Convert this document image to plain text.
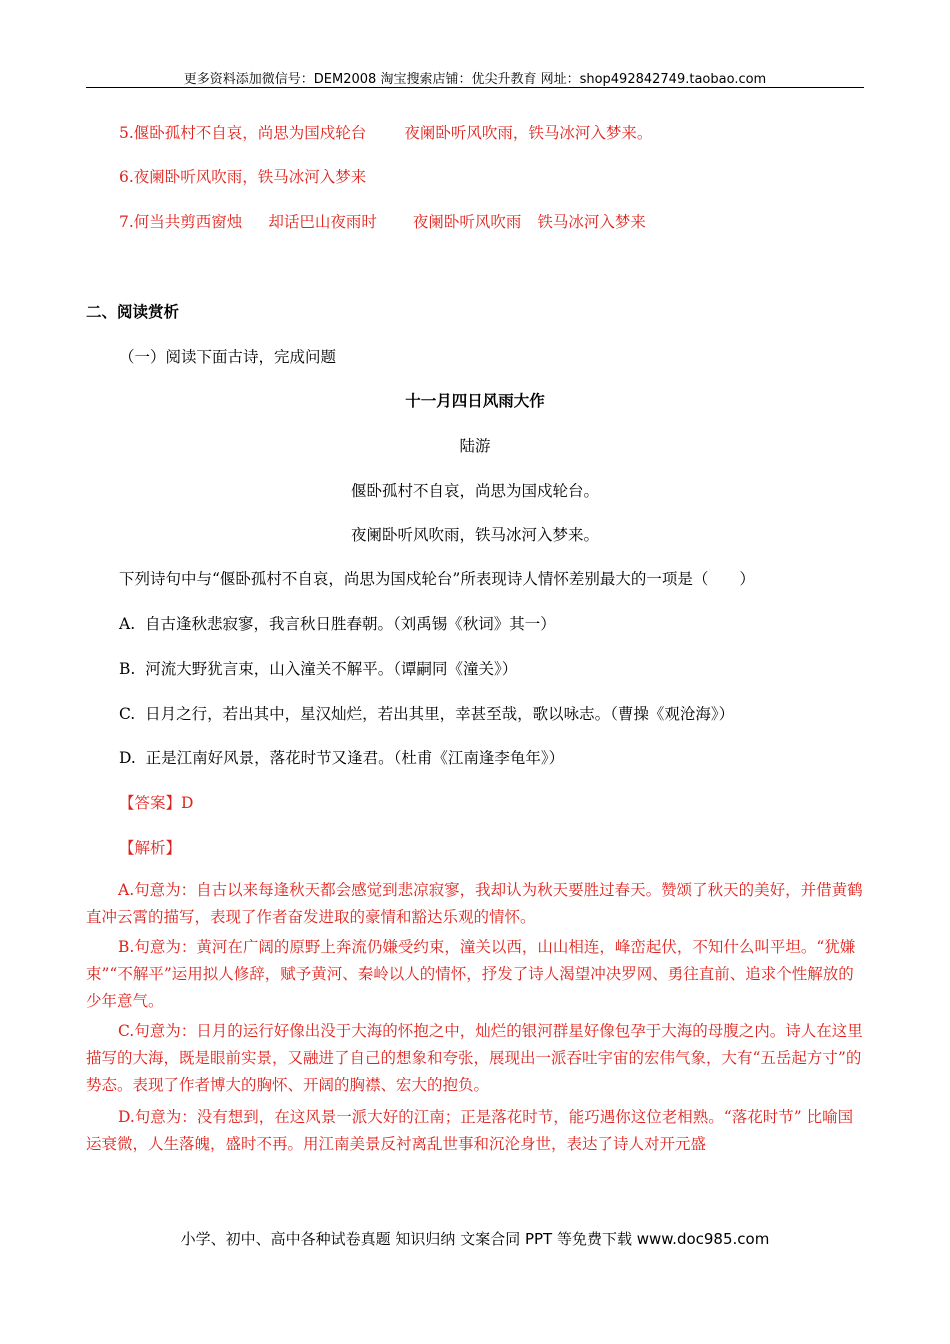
更多资料添加微信号：DEM2008 淘宝搜索店铺：优尖升教育 网址：shop492842749.taobao.com
5.偃卧孤村不自哀，尚思为国戍轮台 夜阑卧听风吹雨，铁马冰河入梦来。
6.夜阑卧听风吹雨，铁马冰河入梦来
7.何当共剪西窗烛 却话巴山夜雨时 夜阑卧听风吹雨 铁马冰河入梦来
二、阅读赏析
（一）阅读下面古诗，完成问题
十一月四日风雨大作
陆游
偃卧孤村不自哀，尚思为国戍轮台。
夜阑卧听风吹雨，铁马冰河入梦来。
下列诗句中与“偃卧孤村不自哀，尚思为国戍轮台”所表现诗人情怀差别最大的一项是（　　）
A. 自古逢秋悲寂寥，我言秋日胜春朝。（刘禹锡《秋词》其一）
B. 河流大野犹言束，山入潼关不解平。（谭嗣同《潼关》）
C. 日月之行，若出其中，星汉灿烂，若出其里，幸甚至哉，歌以咏志。（曹操《观沧海》）
D. 正是江南好风景，落花时节又逢君。（杜甫《江南逢李龟年》）
【答案】D
【解析】
A.句意为：自古以来每逢秋天都会感觉到悲凉寂寥，我却认为秋天要胜过春天。赞颂了秋天的美好，并借黄鹤直冲云霄的描写，表现了作者奋发进取的豪情和豁达乐观的情怀。
B.句意为：黄河在广阔的原野上奔流仍嫌受约束，潼关以西，山山相连，峰峦起伏，不知什么叫平坦。“犹嫌束”“不解平”运用拟人修辞，赋予黄河、秦岭以人的情怀，抒发了诗人渴望冲决罗网、勇往直前、追求个性解放的少年意气。
C.句意为：日月的运行好像出没于大海的怀抱之中，灿烂的银河群星好像包孕于大海的母腹之内。诗人在这里描写的大海，既是眼前实景，又融进了自己的想象和夸张，展现出一派吞吐宇宙的宏伟气象，大有“五岳起方寸”的势态。表现了作者博大的胸怀、开阔的胸襟、宏大的抱负。
D.句意为：没有想到，在这风景一派大好的江南；正是落花时节，能巧遇你这位老相熟。“落花时节” 比喻国运衰微，人生落魄，盛时不再。用江南美景反衬离乱世事和沉沦身世，表达了诗人对开元盛
小学、初中、高中各种试卷真题 知识归纳 文案合同 PPT 等免费下载 www.doc985.com
